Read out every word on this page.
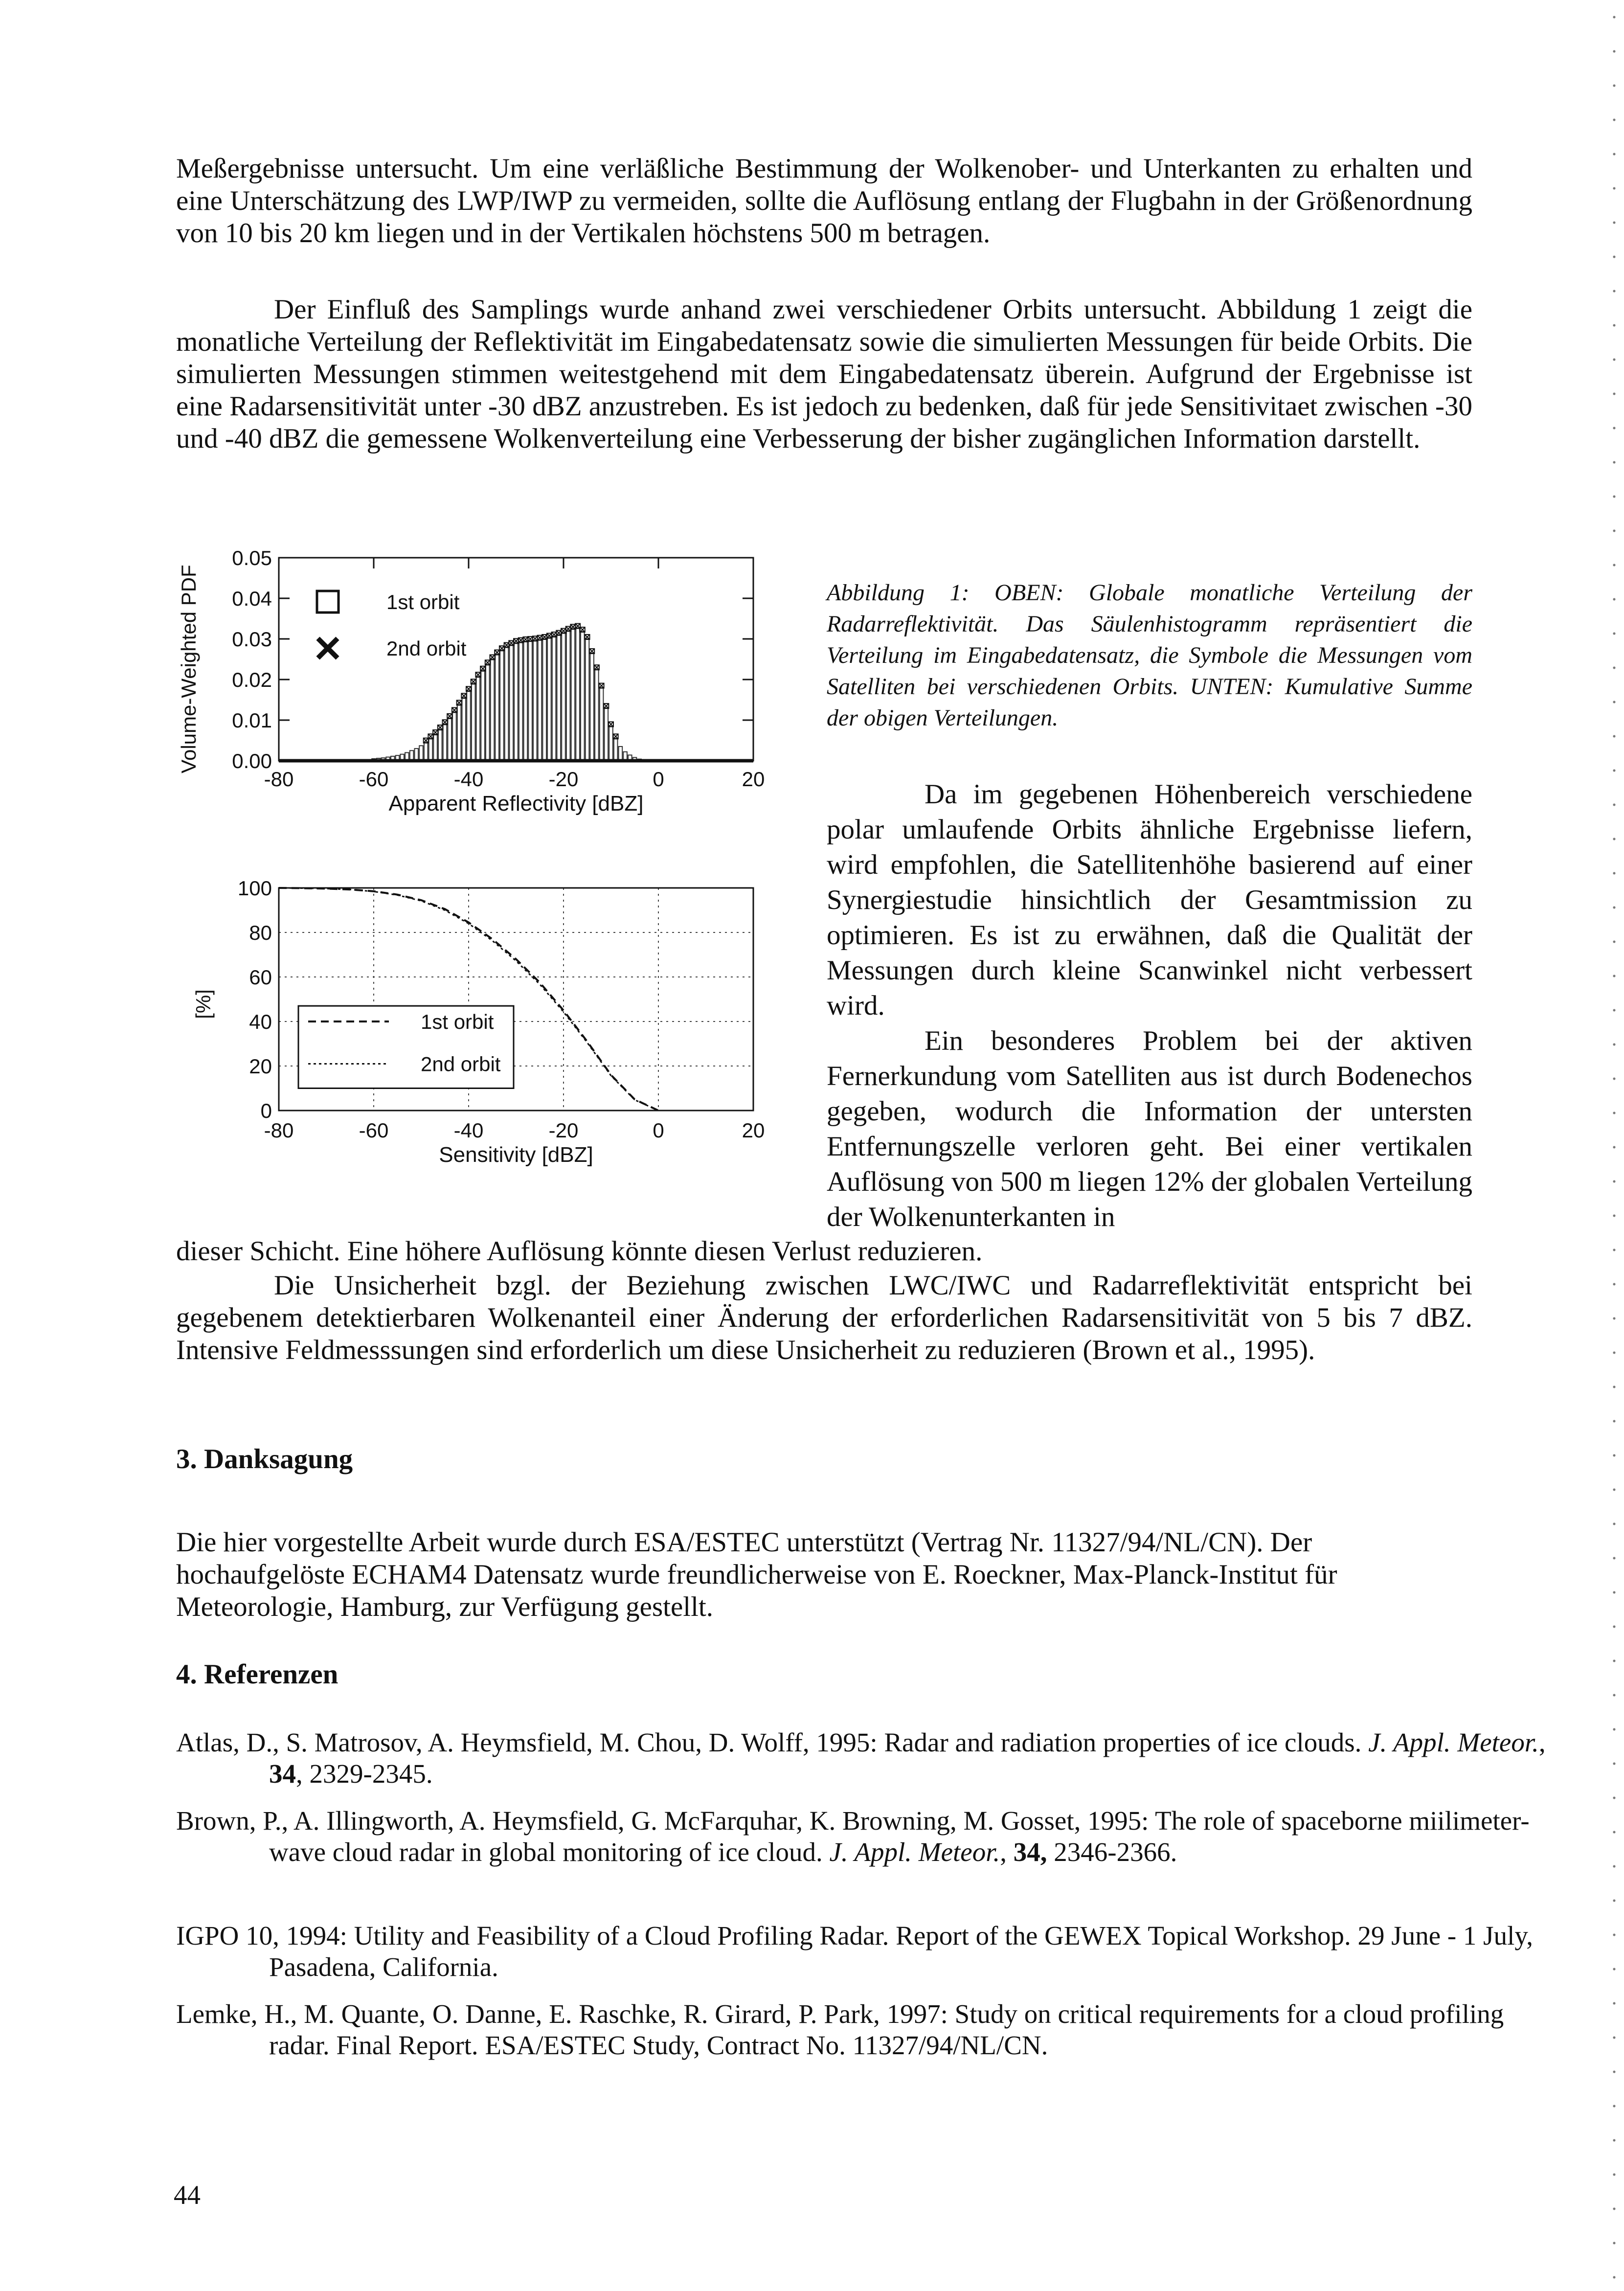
Meßergebnisse untersucht. Um eine verläßliche Bestimmung der Wolkenober- und Unterkanten zu erhalten und eine Unterschätzung des LWP/IWP zu vermeiden, sollte die Auflösung entlang der Flugbahn in der Größenordnung von 10 bis 20 km liegen und in der Vertikalen höchstens 500 m betragen.

Der Einfluß des Samplings wurde anhand zwei verschiedener Orbits untersucht. Abbildung 1 zeigt die monatliche Verteilung der Reflektivität im Eingabedatensatz sowie die simulierten Messungen für beide Orbits. Die simulierten Messungen stimmen weitestgehend mit dem Eingabedatensatz überein. Aufgrund der Ergebnisse ist eine Radarsensitivität unter -30 dBZ anzustreben. Es ist jedoch zu bedenken, daß für jede Sensitivitaet zwischen -30 und -40 dBZ die gemessene Wolkenverteilung eine Verbesserung der bisher zugänglichen Information darstellt.

0.00
0.01
0.02
0.03
0.04
0.05
-80	-60	-40	-20	0	20
Apparent Reflectivity [dBZ]
Volume-Weighted PDF	1st orbit
2nd orbit
0
20
40
60
80
100
-80	-60	-40	-20	0	20
Sensitivity [dBZ]
[%]
1st orbit
2nd orbit

Abbildung 1: OBEN: Globale monatliche Verteilung der Radarreflektivität. Das Säulenhistogramm repräsentiert die Verteilung im Eingabedatensatz, die Symbole die Messungen vom Satelliten bei verschiedenen Orbits. UNTEN: Kumulative Summe der obigen Verteilungen.

Da im gegebenen Höhenbereich verschiedene polar umlaufende Orbits ähnliche Ergebnisse liefern, wird empfohlen, die Satellitenhöhe basierend auf einer Synergiestudie hinsichtlich der Gesamtmission zu optimieren. Es ist zu erwähnen, daß die Qualität der Messungen durch kleine Scanwinkel nicht verbessert wird.

Ein besonderes Problem bei der aktiven Fernerkundung vom Satelliten aus ist durch Bodenechos gegeben, wodurch die Information der untersten Entfernungszelle verloren geht. Bei einer vertikalen Auflösung von 500 m liegen 12% der globalen Verteilung der Wolkenunterkanten in

dieser Schicht. Eine höhere Auflösung könnte diesen Verlust reduzieren.

Die Unsicherheit bzgl. der Beziehung zwischen LWC/IWC und Radarreflektivität entspricht bei gegebenem detektierbaren Wolkenanteil einer Änderung der erforderlichen Radarsensitivität von 5 bis 7 dBZ. Intensive Feldmesssungen sind erforderlich um diese Unsicherheit zu reduzieren (Brown et al., 1995).

3. Danksagung

Die hier vorgestellte Arbeit wurde durch ESA/ESTEC unterstützt (Vertrag Nr. 11327/94/NL/CN). Der hochaufgelöste ECHAM4 Datensatz wurde freundlicherweise von E. Roeckner, Max-Planck-Institut für Meteorologie, Hamburg, zur Verfügung gestellt.

4. Referenzen

Atlas, D., S. Matrosov, A. Heymsfield, M. Chou, D. Wolff, 1995: Radar and radiation properties of ice clouds. J. Appl. Meteor., 34, 2329-2345.

Brown, P., A. Illingworth, A. Heymsfield, G. McFarquhar, K. Browning, M. Gosset, 1995: The role of spaceborne miilimeter-wave cloud radar in global monitoring of ice cloud. J. Appl. Meteor., 34, 2346-2366.

IGPO 10, 1994: Utility and Feasibility of a Cloud Profiling Radar. Report of the GEWEX Topical Workshop. 29 June - 1 July, Pasadena, California.

Lemke, H., M. Quante, O. Danne, E. Raschke, R. Girard, P. Park, 1997: Study on critical requirements for a cloud profiling radar. Final Report. ESA/ESTEC Study, Contract No. 11327/94/NL/CN.

44
